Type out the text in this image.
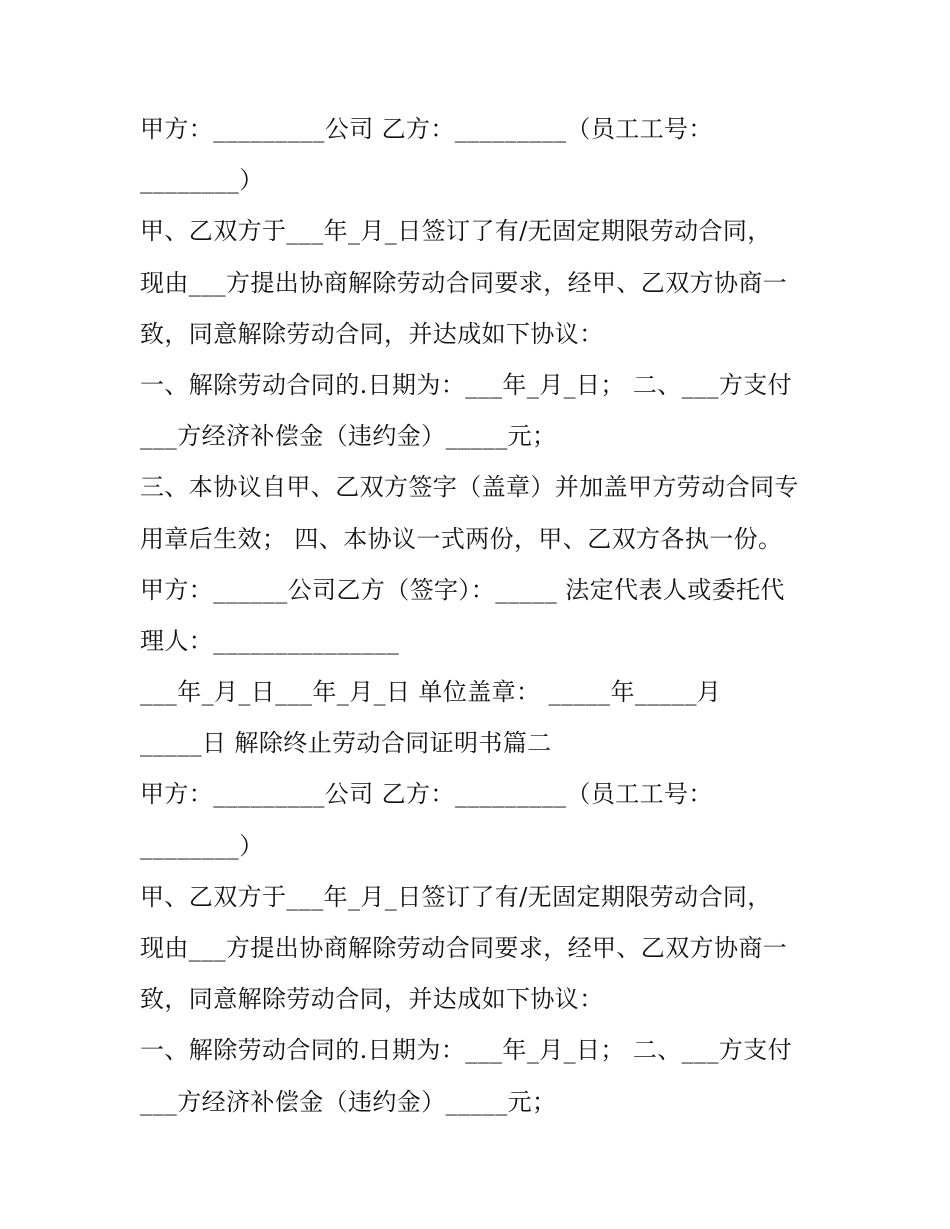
甲方：_________公司 乙方：_________（员工工号：

________）

甲、乙双方于___年_月_日签订了有/无固定期限劳动合同，

现由___方提出协商解除劳动合同要求，经甲、乙双方协商一

致，同意解除劳动合同，并达成如下协议：

一、解除劳动合同的.日期为：___年_月_日； 二、___方支付

___方经济补偿金（违约金）_____元；

三、本协议自甲、乙双方签字（盖章）并加盖甲方劳动合同专

用章后生效； 四、本协议一式两份，甲、乙双方各执一份。

甲方：______公司乙方（签字）：_____ 法定代表人或委托代

理人：_______________

___年_月_日___年_月_日 单位盖章： _____年_____月

_____日 解除终止劳动合同证明书篇二

甲方：_________公司 乙方：_________（员工工号：

________）

甲、乙双方于___年_月_日签订了有/无固定期限劳动合同，

现由___方提出协商解除劳动合同要求，经甲、乙双方协商一

致，同意解除劳动合同，并达成如下协议：

一、解除劳动合同的.日期为：___年_月_日； 二、___方支付

___方经济补偿金（违约金）_____元；
